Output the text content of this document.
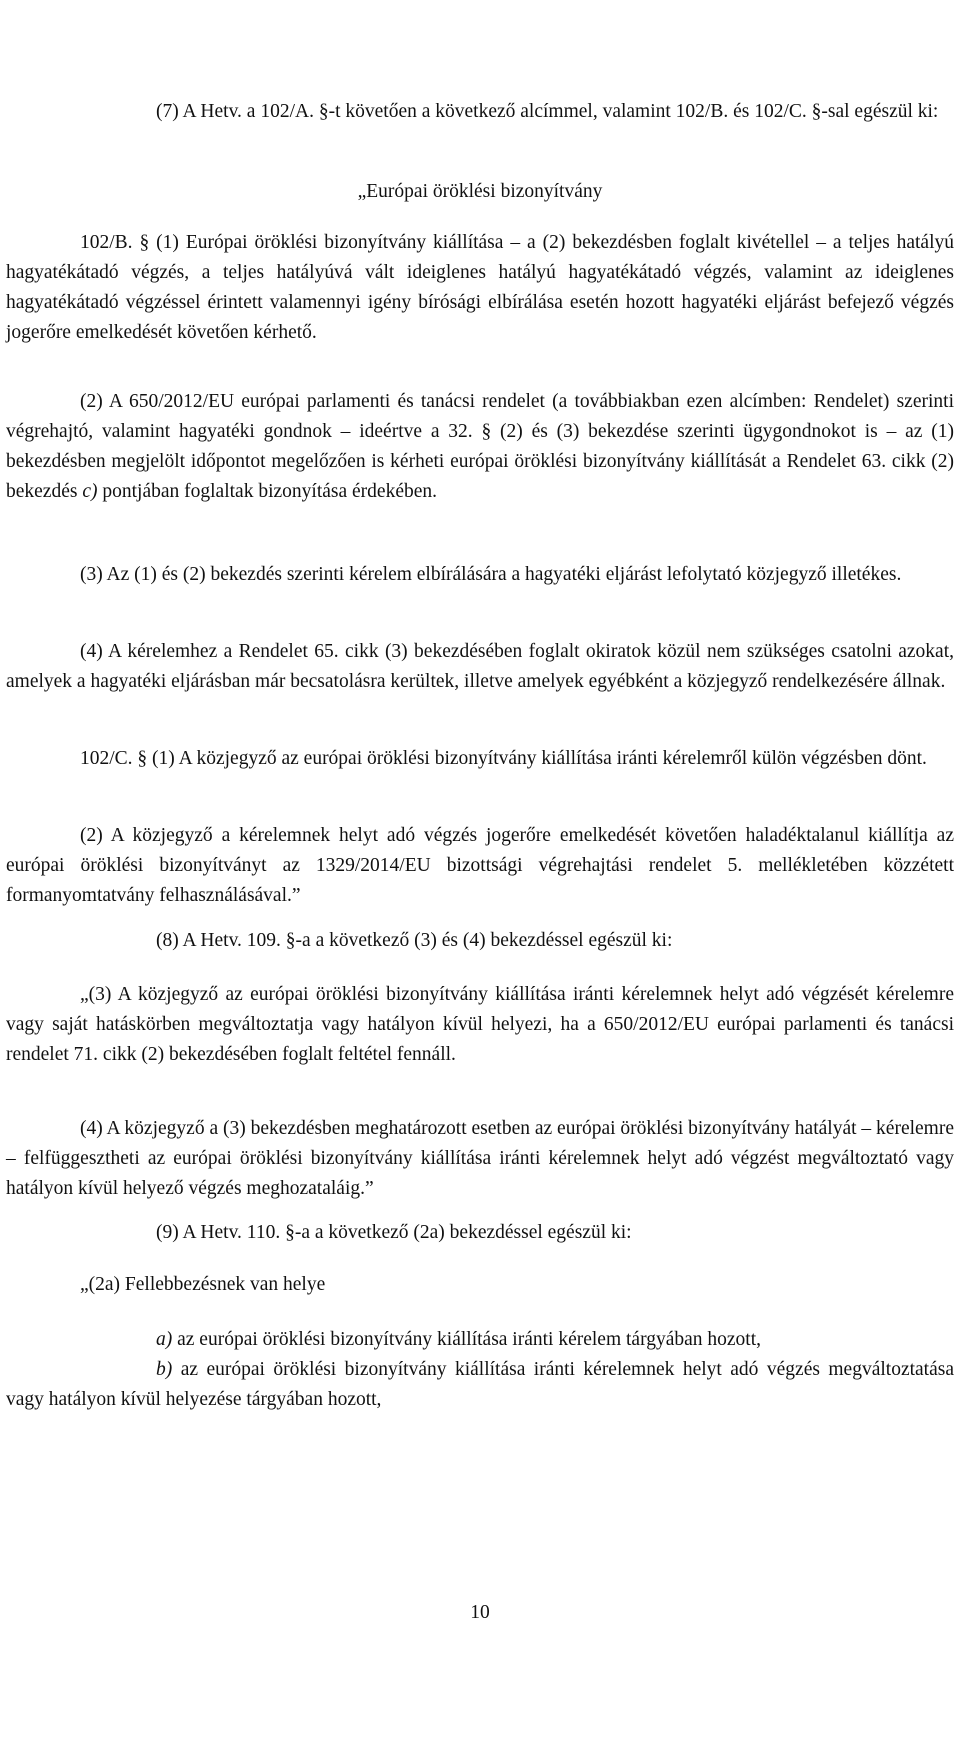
(7) A Hetv. a 102/A. §-t követően a következő alcímmel, valamint 102/B. és 102/C. §-sal egészül ki:

„Európai öröklési bizonyítvány

102/B. § (1) Európai öröklési bizonyítvány kiállítása – a (2) bekezdésben foglalt kivétellel – a teljes hatályú hagyatékátadó végzés, a teljes hatályúvá vált ideiglenes hatályú hagyatékátadó végzés, valamint az ideiglenes hagyatékátadó végzéssel érintett valamennyi igény bírósági elbírálása esetén hozott hagyatéki eljárást befejező végzés jogerőre emelkedését követően kérhető.

(2) A 650/2012/EU európai parlamenti és tanácsi rendelet (a továbbiakban ezen alcímben: Rendelet) szerinti végrehajtó, valamint hagyatéki gondnok – ideértve a 32. § (2) és (3) bekezdése szerinti ügygondnokot is – az (1) bekezdésben megjelölt időpontot megelőzően is kérheti európai öröklési bizonyítvány kiállítását a Rendelet 63. cikk (2) bekezdés c) pontjában foglaltak bizonyítása érdekében.

(3) Az (1) és (2) bekezdés szerinti kérelem elbírálására a hagyatéki eljárást lefolytató közjegyző illetékes.

(4) A kérelemhez a Rendelet 65. cikk (3) bekezdésében foglalt okiratok közül nem szükséges csatolni azokat, amelyek a hagyatéki eljárásban már becsatolásra kerültek, illetve amelyek egyébként a közjegyző rendelkezésére állnak.

102/C. § (1) A közjegyző az európai öröklési bizonyítvány kiállítása iránti kérelemről külön végzésben dönt.

(2) A közjegyző a kérelemnek helyt adó végzés jogerőre emelkedését követően haladéktalanul kiállítja az európai öröklési bizonyítványt az 1329/2014/EU bizottsági végrehajtási rendelet 5. mellékletében közzétett formanyomtatvány felhasználásával.”

(8) A Hetv. 109. §-a a következő (3) és (4) bekezdéssel egészül ki:

„(3) A közjegyző az európai öröklési bizonyítvány kiállítása iránti kérelemnek helyt adó végzését kérelemre vagy saját hatáskörben megváltoztatja vagy hatályon kívül helyezi, ha a 650/2012/EU európai parlamenti és tanácsi rendelet 71. cikk (2) bekezdésében foglalt feltétel fennáll.

(4) A közjegyző a (3) bekezdésben meghatározott esetben az európai öröklési bizonyítvány hatályát – kérelemre – felfüggesztheti az európai öröklési bizonyítvány kiállítása iránti kérelemnek helyt adó végzést megváltoztató vagy hatályon kívül helyező végzés meghozataláig.”

(9) A Hetv. 110. §-a a következő (2a) bekezdéssel egészül ki:

„(2a) Fellebbezésnek van helye

a) az európai öröklési bizonyítvány kiállítása iránti kérelem tárgyában hozott,

b) az európai öröklési bizonyítvány kiállítása iránti kérelemnek helyt adó végzés megváltoztatása vagy hatályon kívül helyezése tárgyában hozott,

10
